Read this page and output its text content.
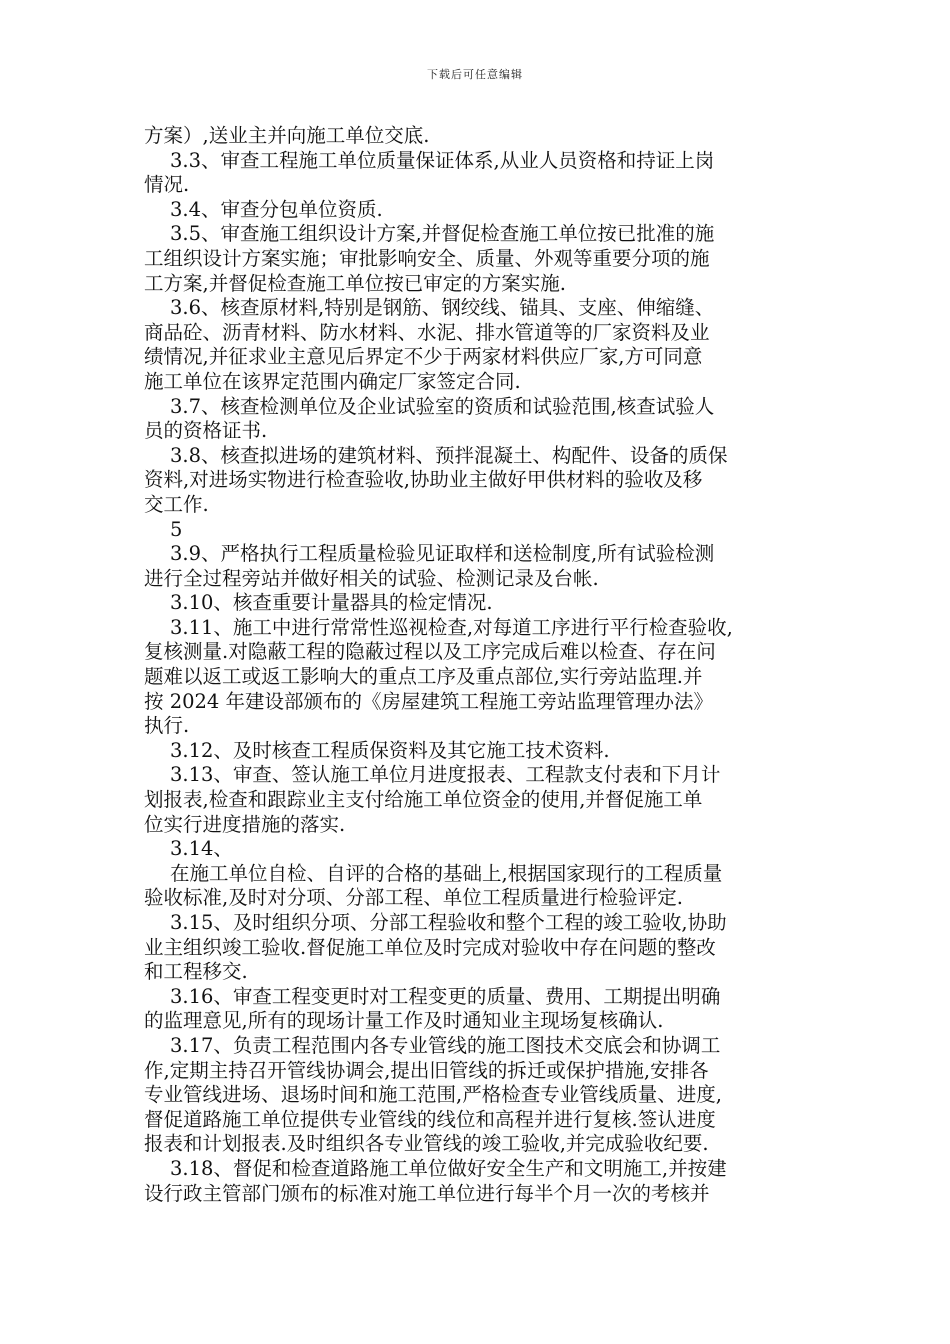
下载后可任意编辑
方案）,送业主并向施工单位交底.
3.3、审查工程施工单位质量保证体系,从业人员资格和持证上岗
情况.
3.4、审查分包单位资质.
3.5、审查施工组织设计方案,并督促检查施工单位按已批准的施
工组织设计方案实施；审批影响安全、质量、外观等重要分项的施
工方案,并督促检查施工单位按已审定的方案实施.
3.6、核查原材料,特别是钢筋、钢绞线、锚具、支座、伸缩缝、
商品砼、沥青材料、防水材料、水泥、排水管道等的厂家资料及业
绩情况,并征求业主意见后界定不少于两家材料供应厂家,方可同意
施工单位在该界定范围内确定厂家签定合同.
3.7、核查检测单位及企业试验室的资质和试验范围,核查试验人
员的资格证书.
3.8、核查拟进场的建筑材料、预拌混凝土、构配件、设备的质保
资料,对进场实物进行检查验收,协助业主做好甲供材料的验收及移
交工作.
5
3.9、严格执行工程质量检验见证取样和送检制度,所有试验检测
进行全过程旁站并做好相关的试验、检测记录及台帐.
3.10、核查重要计量器具的检定情况.
3.11、施工中进行常常性巡视检查,对每道工序进行平行检查验收,
复核测量.对隐蔽工程的隐蔽过程以及工序完成后难以检查、存在问
题难以返工或返工影响大的重点工序及重点部位,实行旁站监理.并
按 2024 年建设部颁布的《房屋建筑工程施工旁站监理管理办法》
执行.
3.12、及时核查工程质保资料及其它施工技术资料.
3.13、审查、签认施工单位月进度报表、工程款支付表和下月计
划报表,检查和跟踪业主支付给施工单位资金的使用,并督促施工单
位实行进度措施的落实.
3.14、
在施工单位自检、自评的合格的基础上,根据国家现行的工程质量
验收标准,及时对分项、分部工程、单位工程质量进行检验评定.
3.15、及时组织分项、分部工程验收和整个工程的竣工验收,协助
业主组织竣工验收.督促施工单位及时完成对验收中存在问题的整改
和工程移交.
3.16、审查工程变更时对工程变更的质量、费用、工期提出明确
的监理意见,所有的现场计量工作及时通知业主现场复核确认.
3.17、负责工程范围内各专业管线的施工图技术交底会和协调工
作,定期主持召开管线协调会,提出旧管线的拆迁或保护措施,安排各
专业管线进场、退场时间和施工范围,严格检查专业管线质量、进度,
督促道路施工单位提供专业管线的线位和高程并进行复核.签认进度
报表和计划报表.及时组织各专业管线的竣工验收,并完成验收纪要.
3.18、督促和检查道路施工单位做好安全生产和文明施工,并按建
设行政主管部门颁布的标准对施工单位进行每半个月一次的考核并
